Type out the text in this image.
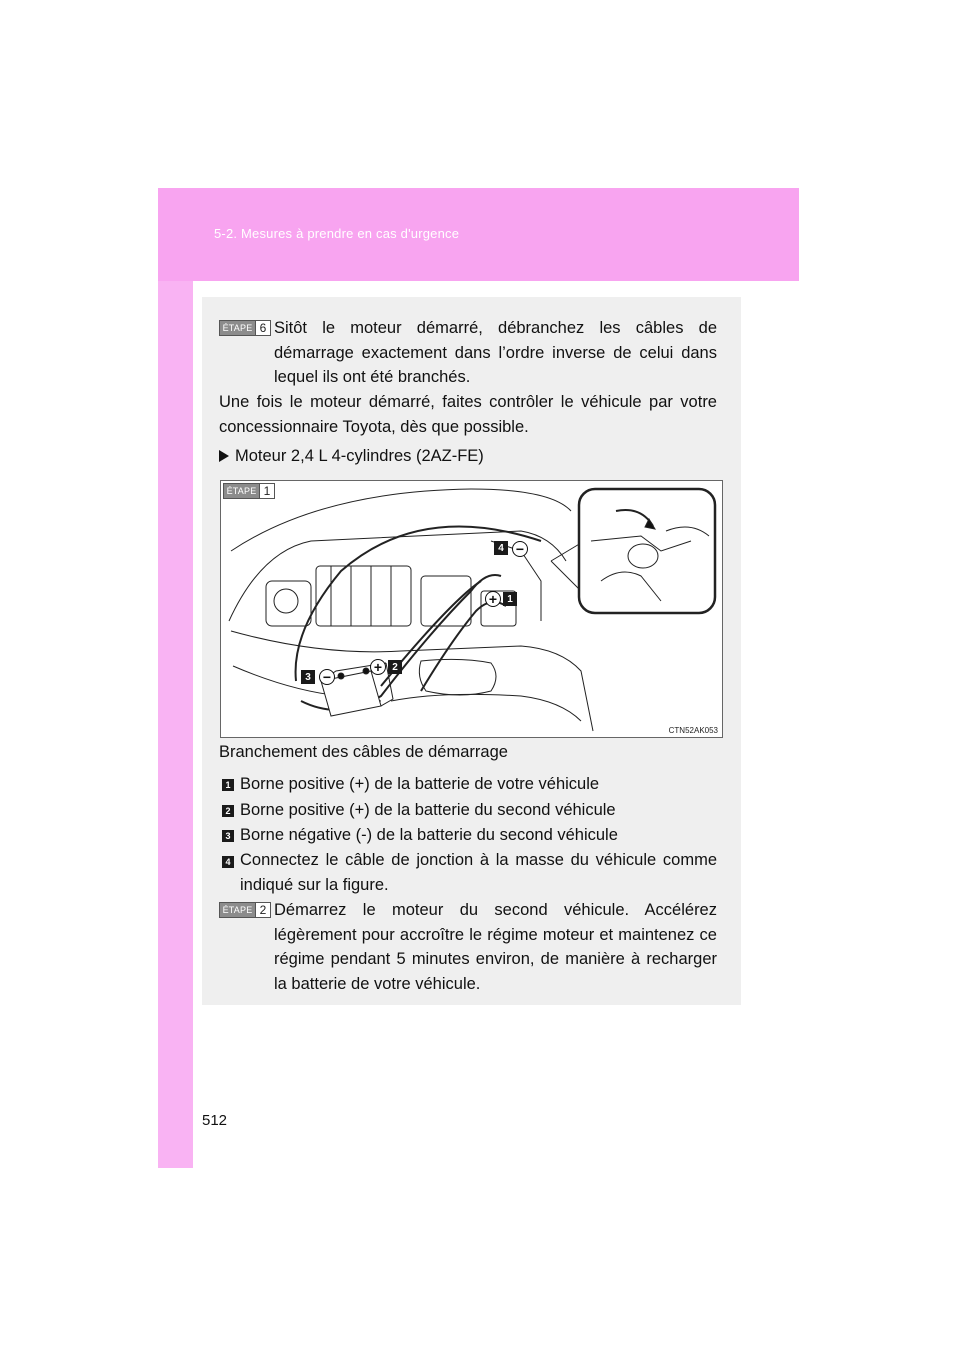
5-2. Mesures à prendre en cas d'urgence
ÉTAPE 6 Sitôt le moteur démarré, débranchez les câbles de démarrage exactement dans l’ordre inverse de celui dans lequel ils ont été branchés.

Une fois le moteur démarré, faites contrôler le véhicule par votre concessionnaire Toyota, dès que possible.

Moteur 2,4 L 4-cylindres (2AZ-FE)
ÉTAPE 1
4 −
+	1
+	2
3 −
CTN52AK053
Branchement des câbles de démarrage
1 Borne positive (+) de la batterie de votre véhicule
2 Borne positive (+) de la batterie du second véhicule
3 Borne négative (-) de la batterie du second véhicule
4 Connectez le câble de jonction à la masse du véhicule comme indiqué sur la figure.

ÉTAPE 2 Démarrez le moteur du second véhicule. Accélérez légèrement pour accroître le régime moteur et maintenez ce régime pendant 5 minutes environ, de manière à recharger la batterie de votre véhicule.

512
